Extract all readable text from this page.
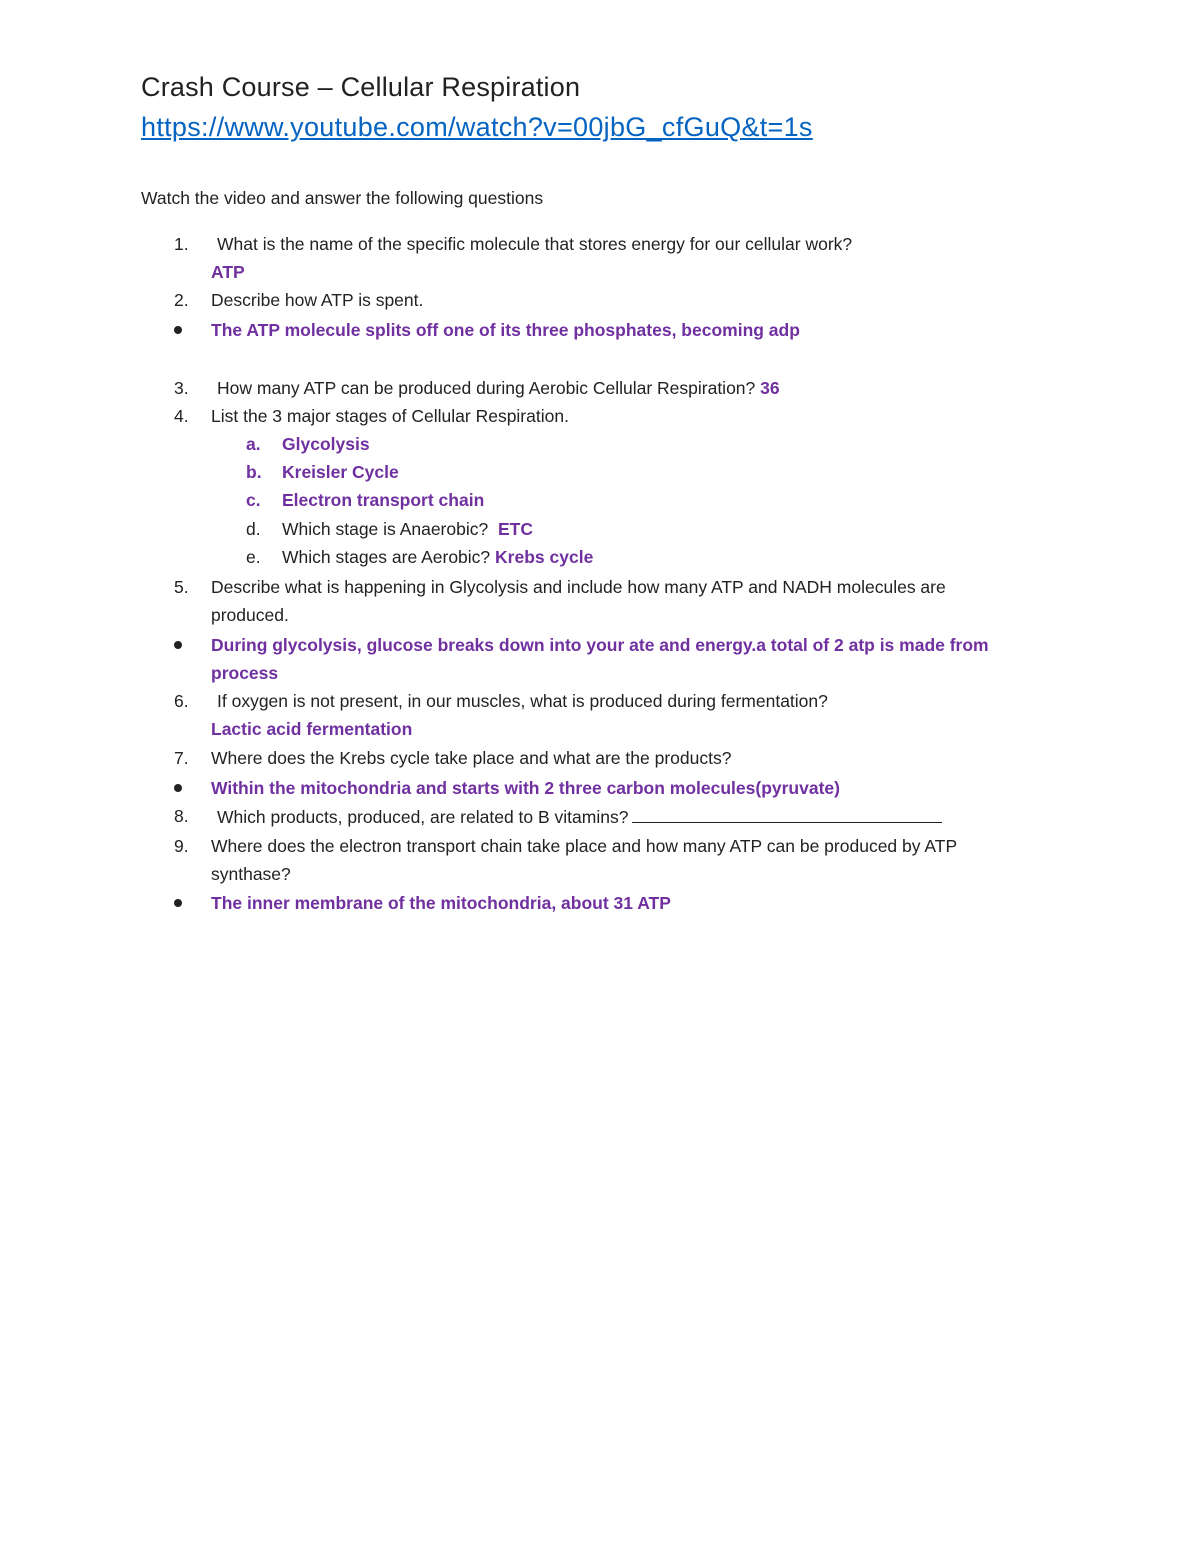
Crash Course – Cellular Respiration
https://www.youtube.com/watch?v=00jbG_cfGuQ&t=1s
Watch the video and answer the following questions
1. What is the name of the specific molecule that stores energy for our cellular work?
ATP
2. Describe how ATP is spent.
The ATP molecule splits off one of its three phosphates, becoming adp
3. How many ATP can be produced during Aerobic Cellular Respiration? 36
4. List the 3 major stages of Cellular Respiration.
a. Glycolysis
b. Kreisler Cycle
c. Electron transport chain
d. Which stage is Anaerobic? ETC
e. Which stages are Aerobic? Krebs cycle
5. Describe what is happening in Glycolysis and include how many ATP and NADH molecules are
produced.
During glycolysis, glucose breaks down into your ate and energy.a total of 2 atp is made from
process
6. If oxygen is not present, in our muscles, what is produced during fermentation?
Lactic acid fermentation
7. Where does the Krebs cycle take place and what are the products?
Within the mitochondria and starts with 2 three carbon molecules(pyruvate)
8. Which products, produced, are related to B vitamins?
9. Where does the electron transport chain take place and how many ATP can be produced by ATP
synthase?
The inner membrane of the mitochondria, about 31 ATP
